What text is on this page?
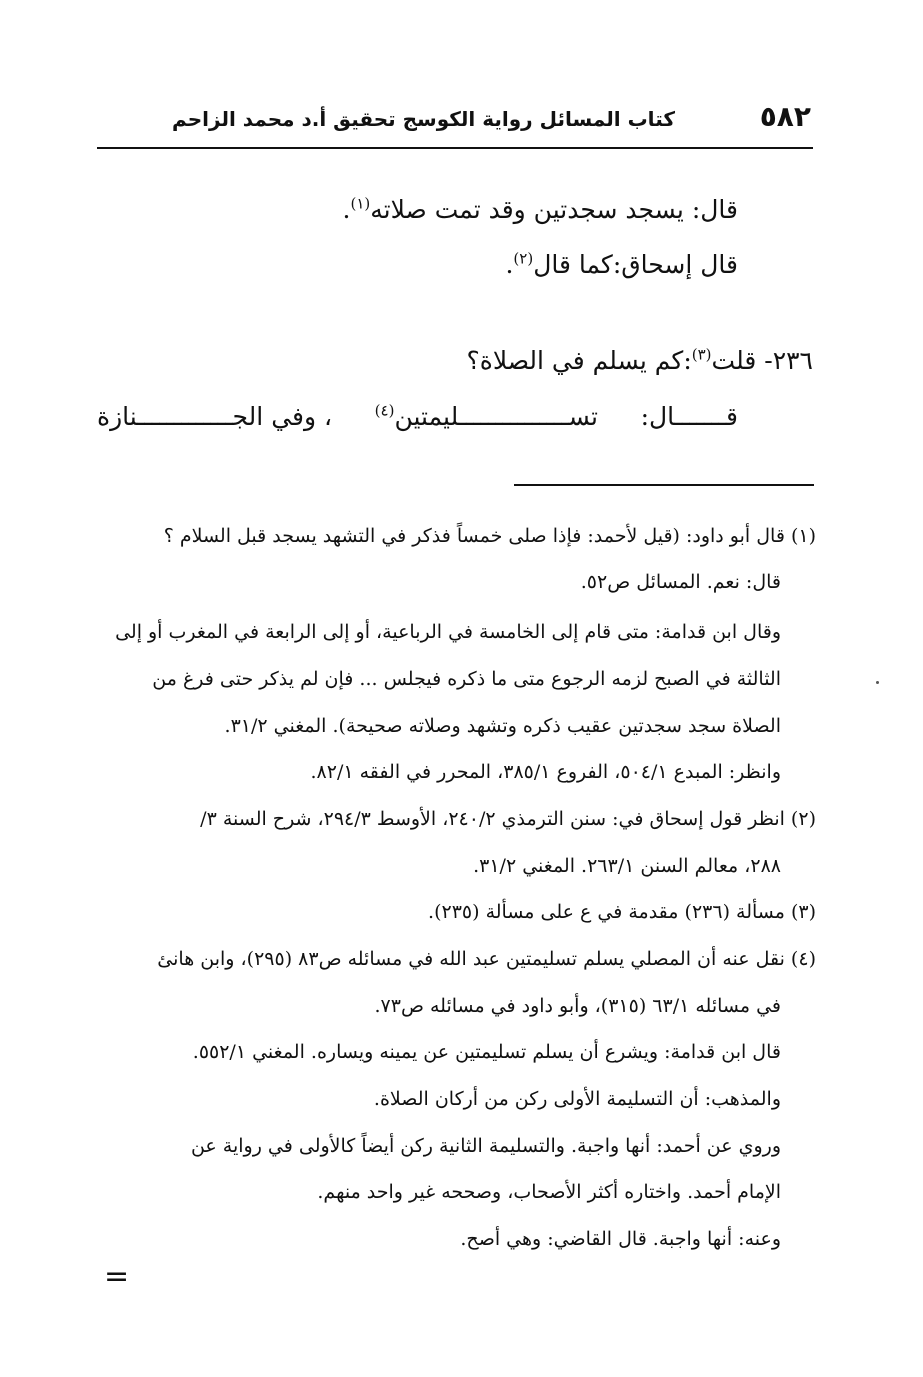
٥٨٢
كتاب المسائل رواية الكوسج تحقيق أ.د محمد الزاحم
قال: يسجد سجدتين وقد تمت صلاته$^{(١)}$.
قال إسحاق:كما قال$^{(٢)}$.
٢٣٦- قلت$^{(٣)}$:كم يسلم في الصلاة؟
قـــــــال:
تســـــــــــــــليمتين$^{(٤)}$
، وفي الجـــــــــــــنازة
(١) قال أبو داود: (قيل لأحمد: فإذا صلى خمساً فذكر في التشهد يسجد قبل السلام ؟
قال: نعم. المسائل ص٥٢.
وقال ابن قدامة: متى قام إلى الخامسة في الرباعية، أو إلى الرابعة في المغرب أو إلى
الثالثة في الصبح لزمه الرجوع متى ما ذكره فيجلس ... فإن لم يذكر حتى فرغ من
الصلاة سجد سجدتين عقيب ذكره وتشهد وصلاته صحيحة). المغني ٣١/٢.
وانظر: المبدع ٥٠٤/١، الفروع ٣٨٥/١، المحرر في الفقه ٨٢/١.
(٢) انظر قول إسحاق في: سنن الترمذي ٢٤٠/٢، الأوسط ٢٩٤/٣، شرح السنة ٣/
٢٨٨، معالم السنن ٢٦٣/١. المغني ٣١/٢.
(٣) مسألة (٢٣٦) مقدمة في ع على مسألة (٢٣٥).
(٤) نقل عنه أن المصلي يسلم تسليمتين عبد الله في مسائله ص٨٣ (٢٩٥)، وابن هانئ
في مسائله ٦٣/١ (٣١٥)، وأبو داود في مسائله ص٧٣.
قال ابن قدامة: ويشرع أن يسلم تسليمتين عن يمينه ويساره. المغني ٥٥٢/١.
والمذهب: أن التسليمة الأولى ركن من أركان الصلاة.
وروي عن أحمد: أنها واجبة. والتسليمة الثانية ركن أيضاً كالأولى في رواية عن
الإمام أحمد. واختاره أكثر الأصحاب، وصححه غير واحد منهم.
وعنه: أنها واجبة. قال القاضي: وهي أصح.
=
